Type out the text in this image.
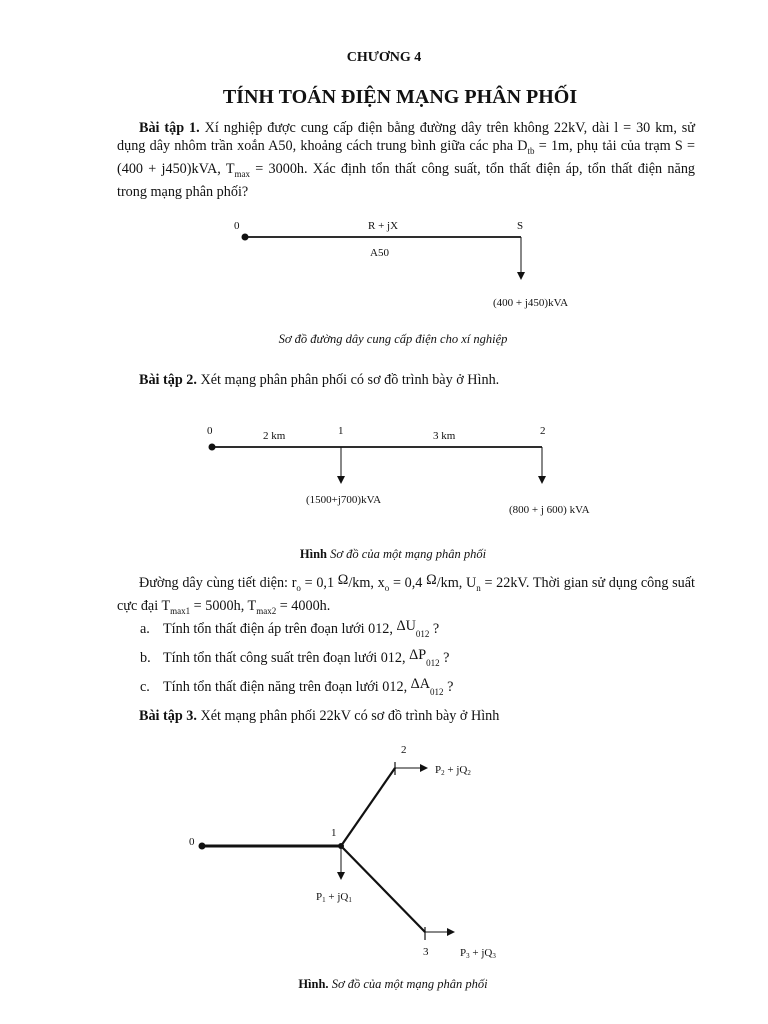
CHƯƠNG 4
TÍNH TOÁN ĐIỆN MẠNG PHÂN PHỐI
Bài tập 1. Xí nghiệp được cung cấp điện bằng đường dây trên không 22kV, dài l = 30 km, sử dụng dây nhôm trần xoắn A50, khoảng cách trung bình giữa các pha $D_{tb} = 1m$, phụ tải của trạm S = (400 + j450)kVA, $T_{max} = 3000h$. Xác định tổn thất công suất, tổn thất điện áp, tổn thất điện năng trong mạng phân phối?
0	S
R + jX
A50
(400 + j450)kVA
0	1	2
2 km	3 km
(1500+j700)kVA
(800 + j 600) kVA
0
1
2
3
P2 + jQ2
P3 + jQ3
P1 + jQ1
Sơ đồ đường dây cung cấp điện cho xí nghiệp
Bài tập 2. Xét mạng phân phân phối có sơ đồ trình bày ở Hình.
Hình Sơ đồ của một mạng phân phối
Đường dây cùng tiết diện: $r_o = 0,1$ Ω/km, $x_o = 0,4$ Ω/km, $U_n = 22kV$. Thời gian sử dụng công suất cực đại $T_{max1} = 5000h$, $T_{max2} = 4000h$.
a. Tính tổn thất điện áp trên đoạn lưới 012, $\Delta U_{012}$ ?
b. Tính tổn thất công suất trên đoạn lưới 012, $\Delta P_{012}$ ?
c. Tính tổn thất điện năng trên đoạn lưới 012, $\Delta A_{012}$ ?
Bài tập 3. Xét mạng phân phối 22kV có sơ đồ trình bày ở Hình
Hình. Sơ đồ của một mạng phân phối
